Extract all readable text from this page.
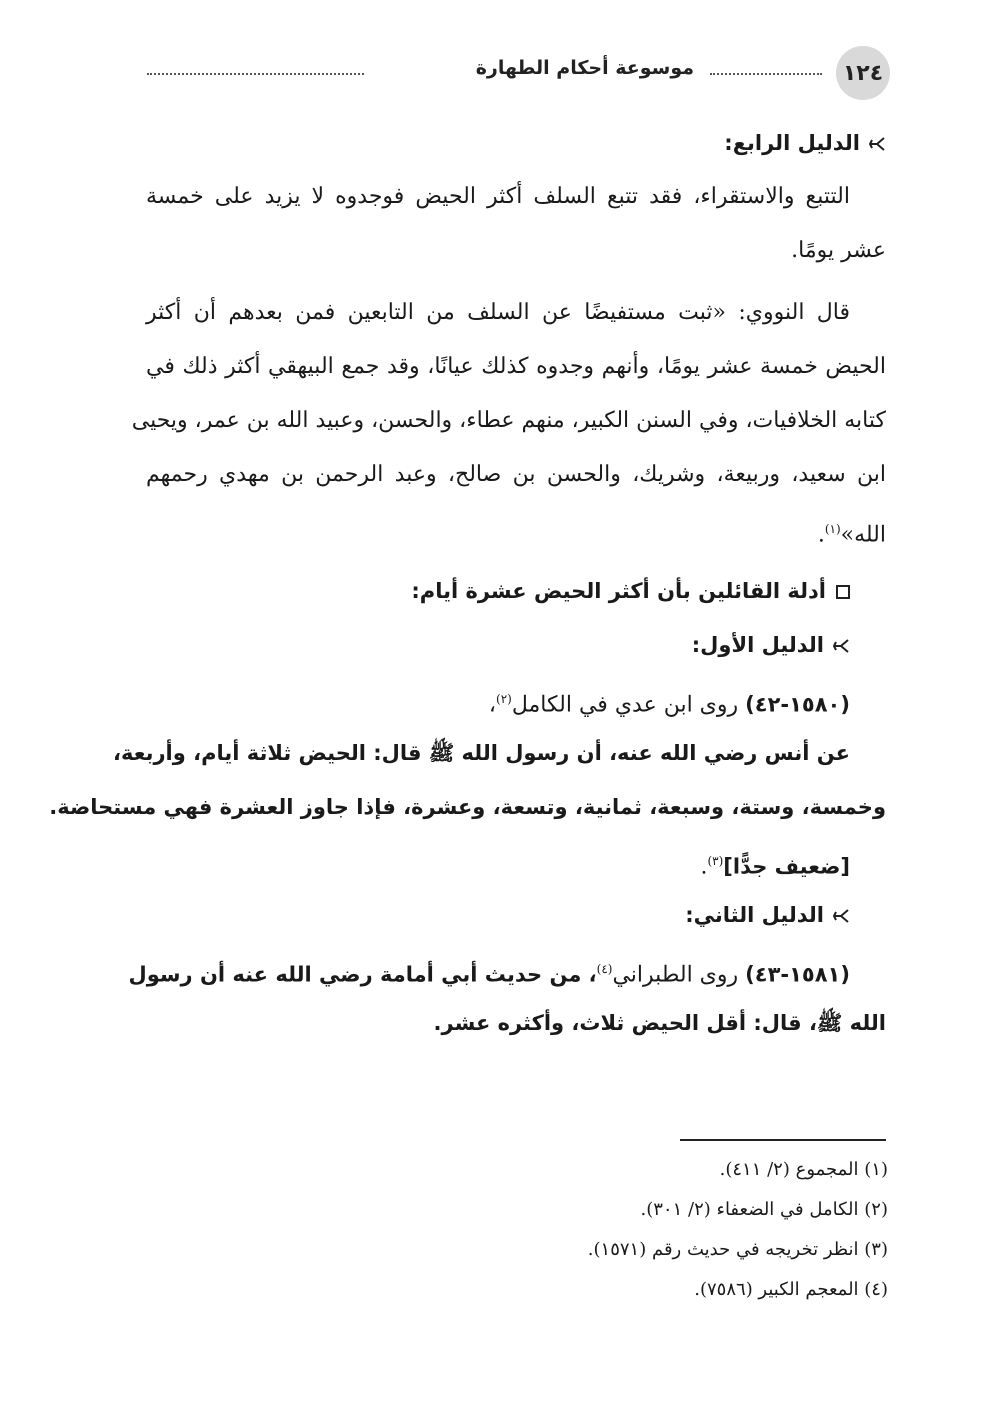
١٢٤
موسوعة أحكام الطهارة
الدليل الرابع:
التتبع والاستقراء، فقد تتبع السلف أكثر الحيض فوجدوه لا يزيد على خمسة
عشر يومًا.
قال النووي: «ثبت مستفيضًا عن السلف من التابعين فمن بعدهم أن أكثر
الحيض خمسة عشر يومًا، وأنهم وجدوه كذلك عيانًا، وقد جمع البيهقي أكثر ذلك في
كتابه الخلافيات، وفي السنن الكبير، منهم عطاء، والحسن، وعبيد الله بن عمر، ويحيى
ابن سعيد، وربيعة، وشريك، والحسن بن صالح، وعبد الرحمن بن مهدي رحمهم
الله»$^{(١)}$.
أدلة القائلين بأن أكثر الحيض عشرة أيام:
الدليل الأول:
(١٥٨٠-٤٢) روى ابن عدي في الكامل$^{(٢)}$،
عن أنس رضي الله عنه، أن رسول الله ﷺ قال: الحيض ثلاثة أيام، وأربعة،
وخمسة، وستة، وسبعة، ثمانية، وتسعة، وعشرة، فإذا جاوز العشرة فهي مستحاضة.
[ضعيف جدًّا]$^{(٣)}$.
الدليل الثاني:
(١٥٨١-٤٣) روى الطبراني$^{(٤)}$، من حديث أبي أمامة رضي الله عنه أن رسول
الله ﷺ، قال: أقل الحيض ثلاث، وأكثره عشر.
(١) المجموع (٢/ ٤١١).
(٢) الكامل في الضعفاء (٢/ ٣٠١).
(٣) انظر تخريجه في حديث رقم (١٥٧١).
(٤) المعجم الكبير (٧٥٨٦).
